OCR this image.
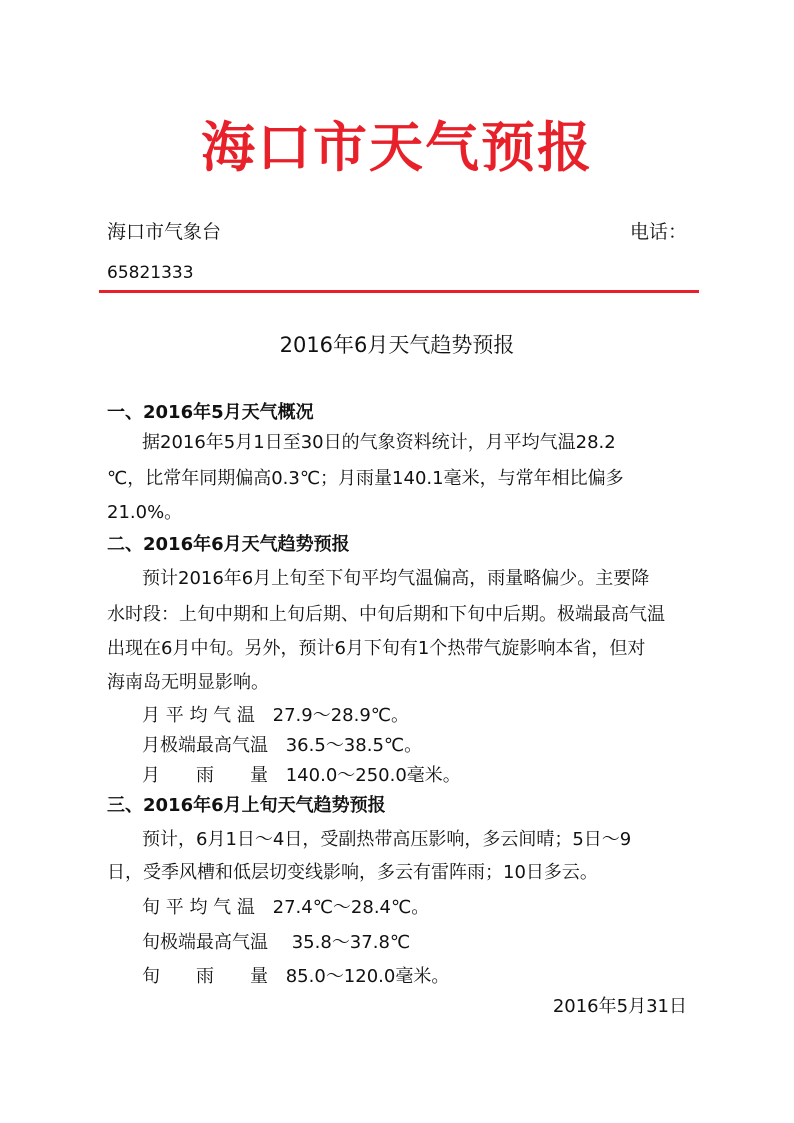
海口市天气预报
海口市气象台	电话：
65821333
2016年6月天气趋势预报
一、2016年5月天气概况
据2016年5月1日至30日的气象资料统计，月平均气温28.2
℃，比常年同期偏高0.3℃；月雨量140.1毫米，与常年相比偏多
21.0%。
二、2016年6月天气趋势预报
预计2016年6月上旬至下旬平均气温偏高，雨量略偏少。主要降
水时段：上旬中期和上旬后期、中旬后期和下旬中后期。极端最高气温
出现在6月中旬。另外，预计6月下旬有1个热带气旋影响本省，但对
海南岛无明显影响。
月 平 均 气 温 27.9～28.9℃。
月极端最高气温 36.5～38.5℃。
月　　雨　　量 140.0～250.0毫米。
三、2016年6月上旬天气趋势预报
预计，6月1日～4日，受副热带高压影响，多云间晴；5日～9
日，受季风槽和低层切变线影响，多云有雷阵雨；10日多云。
旬 平 均 气 温 27.4℃～28.4℃。
旬极端最高气温 35.8～37.8℃
旬　　雨　　量 85.0～120.0毫米。
2016年5月31日
